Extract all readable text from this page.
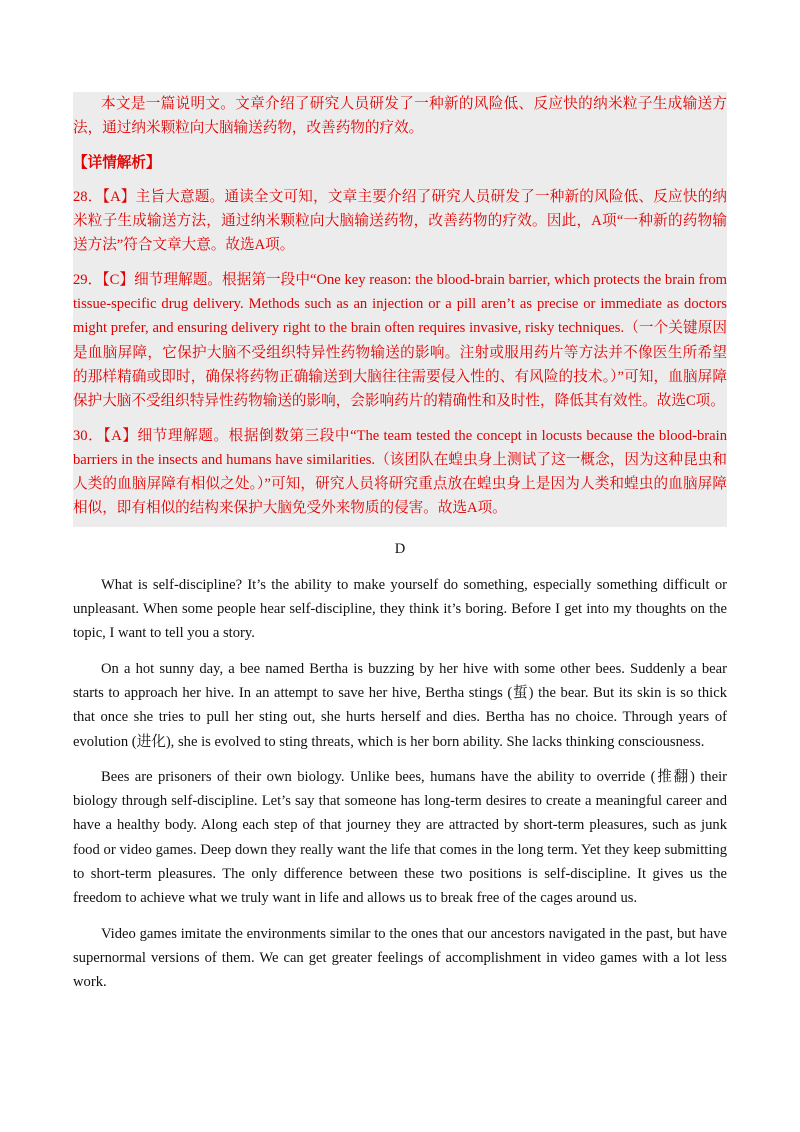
本文是一篇说明文。文章介绍了研究人员研发了一种新的风险低、反应快的纳米粒子生成输送方法，通过纳米颗粒向大脑输送药物，改善药物的疗效。

【详情解析】

28．【A】主旨大意题。通读全文可知，文章主要介绍了研究人员研发了一种新的风险低、反应快的纳米粒子生成输送方法，通过纳米颗粒向大脑输送药物，改善药物的疗效。因此，A项“一种新的药物输送方法”符合文章大意。故选A项。

29．【C】细节理解题。根据第一段中“One key reason: the blood-brain barrier, which protects the brain from tissue-specific drug delivery. Methods such as an injection or a pill aren’t as precise or immediate as doctors might prefer, and ensuring delivery right to the brain often requires invasive, risky techniques.（一个关键原因是血脑屏障，它保护大脑不受组织特异性药物输送的影响。注射或服用药片等方法并不像医生所希望的那样精确或即时，确保将药物正确输送到大脑往往需要侵入性的、有风险的技术。）”可知，血脑屏障保护大脑不受组织特异性药物输送的影响，会影响药片的精确性和及时性，降低其有效性。故选C项。

30．【A】细节理解题。根据倒数第三段中“The team tested the concept in locusts because the blood-brain barriers in the insects and humans have similarities.（该团队在蝗虫身上测试了这一概念，因为这种昆虫和人类的血脑屏障有相似之处。）”可知，研究人员将研究重点放在蝗虫身上是因为人类和蝗虫的血脑屏障相似，即有相似的结构来保护大脑免受外来物质的侵害。故选A项。

D

What is self-discipline? It’s the ability to make yourself do something, especially something difficult or unpleasant. When some people hear self-discipline, they think it’s boring. Before I get into my thoughts on the topic, I want to tell you a story.

On a hot sunny day, a bee named Bertha is buzzing by her hive with some other bees. Suddenly a bear starts to approach her hive. In an attempt to save her hive, Bertha stings (蜇) the bear. But its skin is so thick that once she tries to pull her sting out, she hurts herself and dies. Bertha has no choice. Through years of evolution (进化), she is evolved to sting threats, which is her born ability. She lacks thinking consciousness.

Bees are prisoners of their own biology. Unlike bees, humans have the ability to override (推翻) their biology through self-discipline. Let’s say that someone has long-term desires to create a meaningful career and have a healthy body. Along each step of that journey they are attracted by short-term pleasures, such as junk food or video games. Deep down they really want the life that comes in the long term. Yet they keep submitting to short-term pleasures. The only difference between these two positions is self-discipline. It gives us the freedom to achieve what we truly want in life and allows us to break free of the cages around us.

Video games imitate the environments similar to the ones that our ancestors navigated in the past, but have supernormal versions of them. We can get greater feelings of accomplishment in video games with a lot less work.
